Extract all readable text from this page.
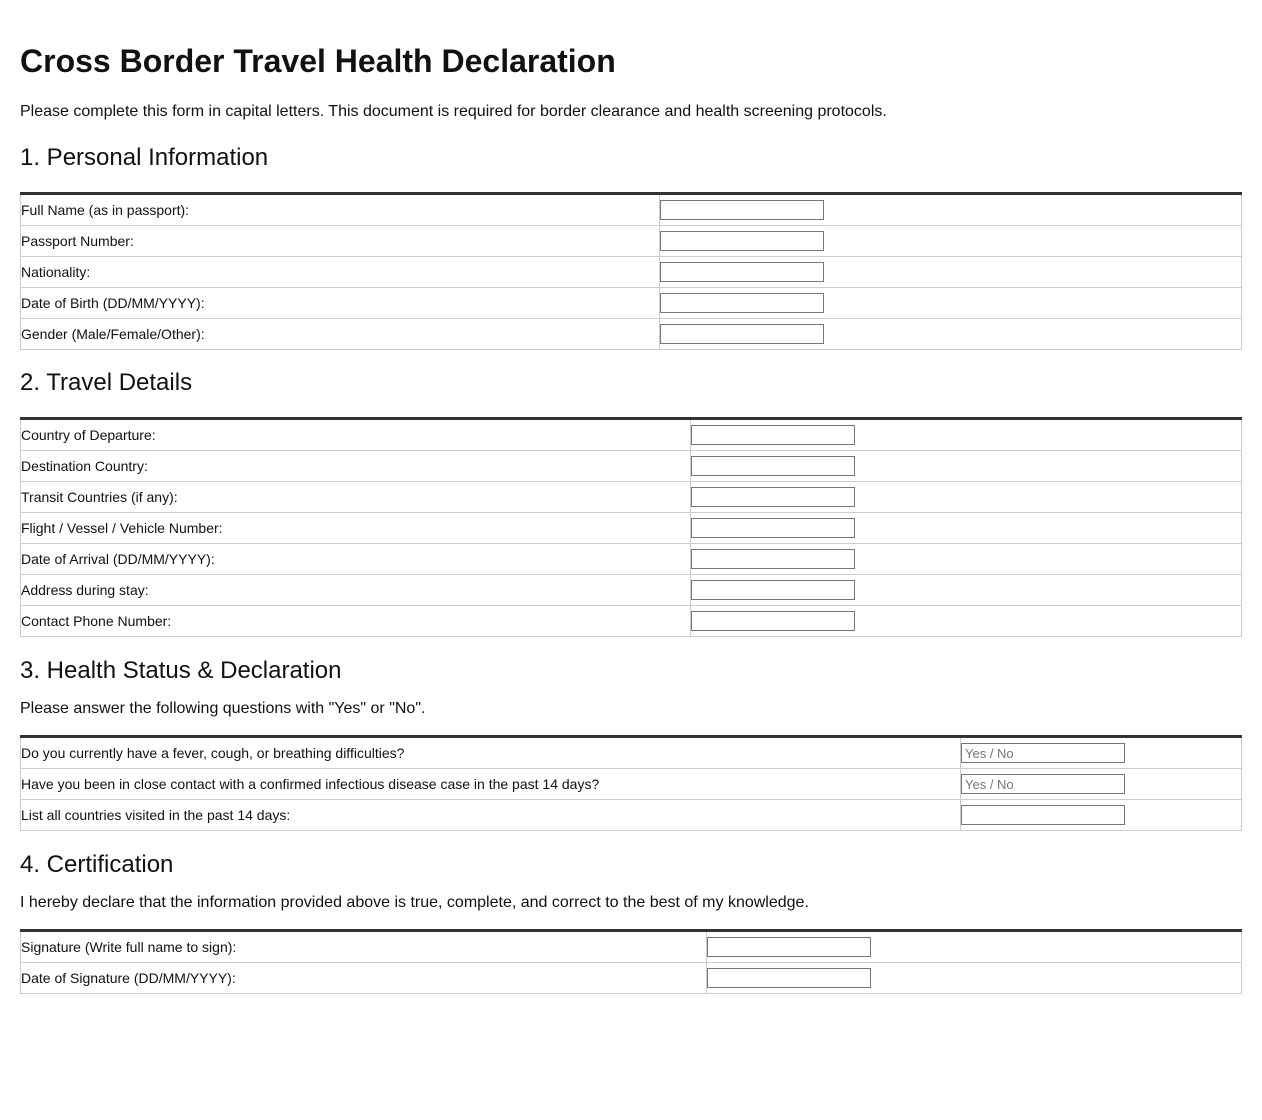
Cross Border Travel Health Declaration

Please complete this form in capital letters. This document is required for border clearance and health screening protocols.

1. Personal Information
Full Name (as in passport):	

Passport Number:	

Nationality:	

Date of Birth (DD/MM/YYYY):	

Gender (Male/Female/Other):	
2. Travel Details
Country of Departure:	

Destination Country:	

Transit Countries (if any):	

Flight / Vessel / Vehicle Number:	

Date of Arrival (DD/MM/YYYY):	

Address during stay:	

Contact Phone Number:	
3. Health Status & Declaration

Please answer the following questions with "Yes" or "No".

Do you currently have a fever, cough, or breathing difficulties?	
Yes / No
Have you been in close contact with a confirmed infectious disease case in the past 14 days?	
Yes / No
List all countries visited in the past 14 days:	
4. Certification

I hereby declare that the information provided above is true, complete, and correct to the best of my knowledge.

Signature (Write full name to sign):	

Date of Signature (DD/MM/YYYY):	
